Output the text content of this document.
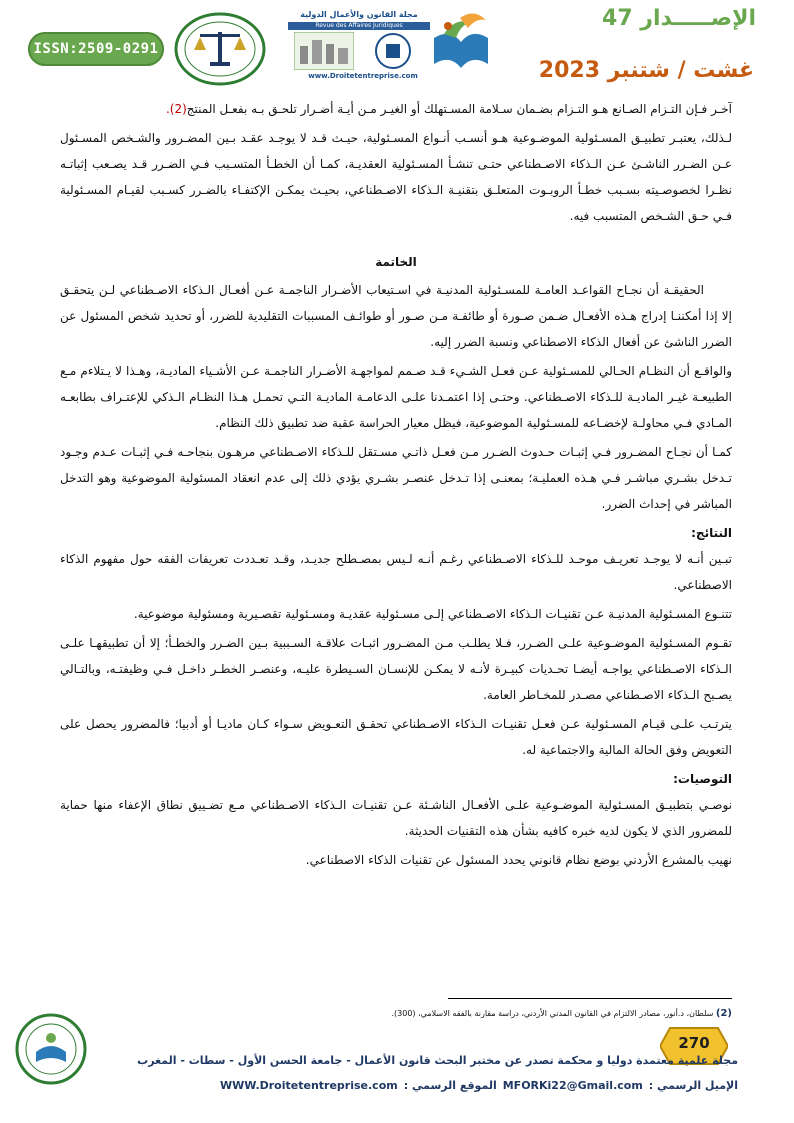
ISSN:2509-0291
مجلة القانون والأعمال الدولية
Revue des Affaires Juridiques
www.Droitetentreprise.com
الإصـــــدار 47
غشت / شتنبر 2023

آخـر فـإن التـزام الصـانع هـو التـزام بضـمان سـلامة المسـتهلك أو الغيـر مـن أيـة أضـرار تلحـق بـه بفعـل المنتج(2).

لـذلك، يعتبـر تطبيـق المسـئولية الموضـوعية هـو أنسـب أنـواع المسـئولية، حيـث قـد لا يوجـد عقـد بـين المضـرور والشـخص المسـئول عـن الضـرر الناشـئ عـن الـذكاء الاصـطناعي حتـى تنشـأ المسـئولية العقديـة، كمـا أن الخطـأ المتسـبب فـي الضـرر قـد يصـعب إثباتـه نظـرا لخصوصـيته بسـبب خطـأ الروبـوت المتعلـق بتقنيـة الـذكاء الاصـطناعي، بحيـث يمكـن الإكتفـاء بالضـرر كسـبب لقيـام المسـئولية فـي حـق الشـخص المتسبب فيه.

الخاتمة

الحقيقـة أن نجـاح القواعـد العامـة للمسـئولية المدنيـة في اسـتيعاب الأضـرار الناجمـة عـن أفعـال الـذكاء الاصـطناعي لـن يتحقـق إلا إذا أمكننـا إدراج هـذه الأفعـال ضـمن صـورة أو طائفـة مـن صـور أو طوائـف المسببات التقليدية للضرر، أو تحديد شخص المسئول عن الضرر الناشئ عن أفعال الذكاء الاصطناعي ونسبة الضرر إليه.

والواقـع أن النظـام الحـالي للمسـئولية عـن فعـل الشـيء قـد صـمم لمواجهـة الأضـرار الناجمـة عـن الأشـياء الماديـة، وهـذا لا يـتلاءم مـع الطبيعـة غيـر الماديـة للـذكاء الاصـطناعي. وحتـى إذا اعتمـدنا علـى الدعامـة الماديـة التـي تحمـل هـذا النظـام الـذكي للإعتـراف بطابعـه المـادي فـي محاولـة لإخضـاعه للمسـئولية الموضوعية، فيظل معيار الحراسة عقبة ضد تطبيق ذلك النظام.

كمـا أن نجـاح المضـرور فـي إثبـات حـدوث الضـرر مـن فعـل ذاتـي مسـتقل للـذكاء الاصـطناعي مرهـون بنجاحـه فـي إثبـات عـدم وجـود تـدخل بشـري مباشـر فـي هـذه العمليـة؛ بمعنـى إذا تـدخل عنصـر بشـري يؤدي ذلك إلى عدم انعقاد المسئولية الموضوعية وهو التدخل المباشر في إحداث الضرر.

النتائج:

تبـين أنـه لا يوجـد تعريـف موحـد للـذكاء الاصـطناعي رغـم أنـه لـيس بمصـطلح جديـد، وقـد تعـددت تعريفات الفقه حول مفهوم الذكاء الاصطناعي.

تتنـوع المسـئولية المدنيـة عـن تقنيـات الـذكاء الاصـطناعي إلـى مسـئولية عقديـة ومسـئولية تقصـيرية ومسئولية موضوعية.

تقـوم المسـئولية الموضـوعية علـى الضـرر، فـلا يطلـب مـن المضـرور اثبـات علاقـة السـببية بـين الضـرر والخطـأ؛ إلا أن تطبيقهـا علـى الـذكاء الاصـطناعي يواجـه أيضـا تحـديات كبيـرة لأنـه لا يمكـن للإنسـان السـيطرة عليـه، وعنصـر الخطـر داخـل فـي وظيفتـه، وبالتـالي يصـبح الـذكاء الاصـطناعي مصـدر للمخـاطر العامة.

يترتـب علـى قيـام المسـئولية عـن فعـل تقنيـات الـذكاء الاصـطناعي تحقـق التعـويض سـواء كـان ماديـا أو أدبيا؛ فالمضرور يحصل على التعويض وفق الحالة المالية والاجتماعية له.

التوصيات:

نوصـي بتطبيـق المسـئولية الموضـوعية علـى الأفعـال الناشـئة عـن تقنيـات الـذكاء الاصـطناعي مـع تضـييق نطاق الإعفاء منها حماية للمضرور الذي لا يكون لديه خبره كافيه بشأن هذه التقنيات الحديثة.

نهيب بالمشرع الأردني بوضع نظام قانوني يحدد المسئول عن تقنيات الذكاء الاصطناعي.

(2) سلطان، د.أنور، مصادر الالتزام في القانون المدني الأردني، دراسة مقارنة بالفقه الاسلامي، (300).
270
مجلة علمية معتمدة دوليا و محكمة تصدر عن مختبر البحث قانون الأعمال - جامعة الحسن الأول - سطات - المغرب
الإميل الرسمي :
MFORKi22@Gmail.com
الموقع الرسمي :
WWW.Droitetentreprise.com
